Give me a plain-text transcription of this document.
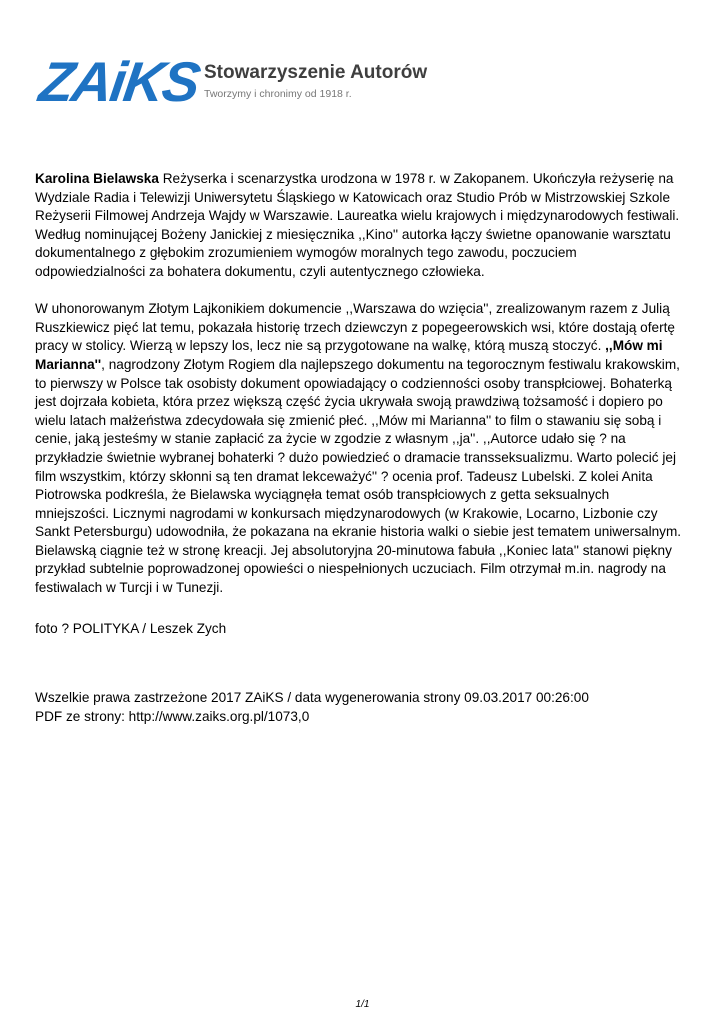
ZAiKS Stowarzyszenie Autorów
Tworzymy i chronimy od 1918 r.

Karolina Bielawska Reżyserka i scenarzystka urodzona w 1978 r. w Zakopanem. Ukończyła reżyserię na Wydziale Radia i Telewizji Uniwersytetu Śląskiego w Katowicach oraz Studio Prób w Mistrzowskiej Szkole Reżyserii Filmowej Andrzeja Wajdy w Warszawie. Laureatka wielu krajowych i międzynarodowych festiwali. Według nominującej Bożeny Janickiej z miesięcznika ,,Kino'' autorka łączy świetne opanowanie warsztatu dokumentalnego z głębokim zrozumieniem wymogów moralnych tego zawodu, poczuciem odpowiedzialności za bohatera dokumentu, czyli autentycznego człowieka.

W uhonorowanym Złotym Lajkonikiem dokumencie ,,Warszawa do wzięcia'', zrealizowanym razem z Julią Ruszkiewicz pięć lat temu, pokazała historię trzech dziewczyn z popegeerowskich wsi, które dostają ofertę pracy w stolicy. Wierzą w lepszy los, lecz nie są przygotowane na walkę, którą muszą stoczyć. ,,Mów mi Marianna'', nagrodzony Złotym Rogiem dla najlepszego dokumentu na tegorocznym festiwalu krakowskim, to pierwszy w Polsce tak osobisty dokument opowiadający o codzienności osoby transpłciowej. Bohaterką jest dojrzała kobieta, która przez większą część życia ukrywała swoją prawdziwą tożsamość i dopiero po wielu latach małżeństwa zdecydowała się zmienić płeć. ,,Mów mi Marianna'' to film o stawaniu się sobą i cenie, jaką jesteśmy w stanie zapłacić za życie w zgodzie z własnym ,,ja''. ,,Autorce udało się ? na przykładzie świetnie wybranej bohaterki ? dużo powiedzieć o dramacie transseksualizmu. Warto polecić jej film wszystkim, którzy skłonni są ten dramat lekceważyć'' ? ocenia prof. Tadeusz Lubelski. Z kolei Anita Piotrowska podkreśla, że Bielawska wyciągnęła temat osób transpłciowych z getta seksualnych mniejszości. Licznymi nagrodami w konkursach międzynarodowych (w Krakowie, Locarno, Lizbonie czy Sankt Petersburgu) udowodniła, że pokazana na ekranie historia walki o siebie jest tematem uniwersalnym. Bielawską ciągnie też w stronę kreacji. Jej absolutoryjna 20-minutowa fabuła ,,Koniec lata'' stanowi piękny przykład subtelnie poprowadzonej opowieści o niespełnionych uczuciach. Film otrzymał m.in. nagrody na festiwalach w Turcji i w Tunezji.

foto ? POLITYKA / Leszek Zych
Wszelkie prawa zastrzeżone 2017 ZAiKS / data wygenerowania strony 09.03.2017 00:26:00
PDF ze strony: http://www.zaiks.org.pl/1073,0
1/1
